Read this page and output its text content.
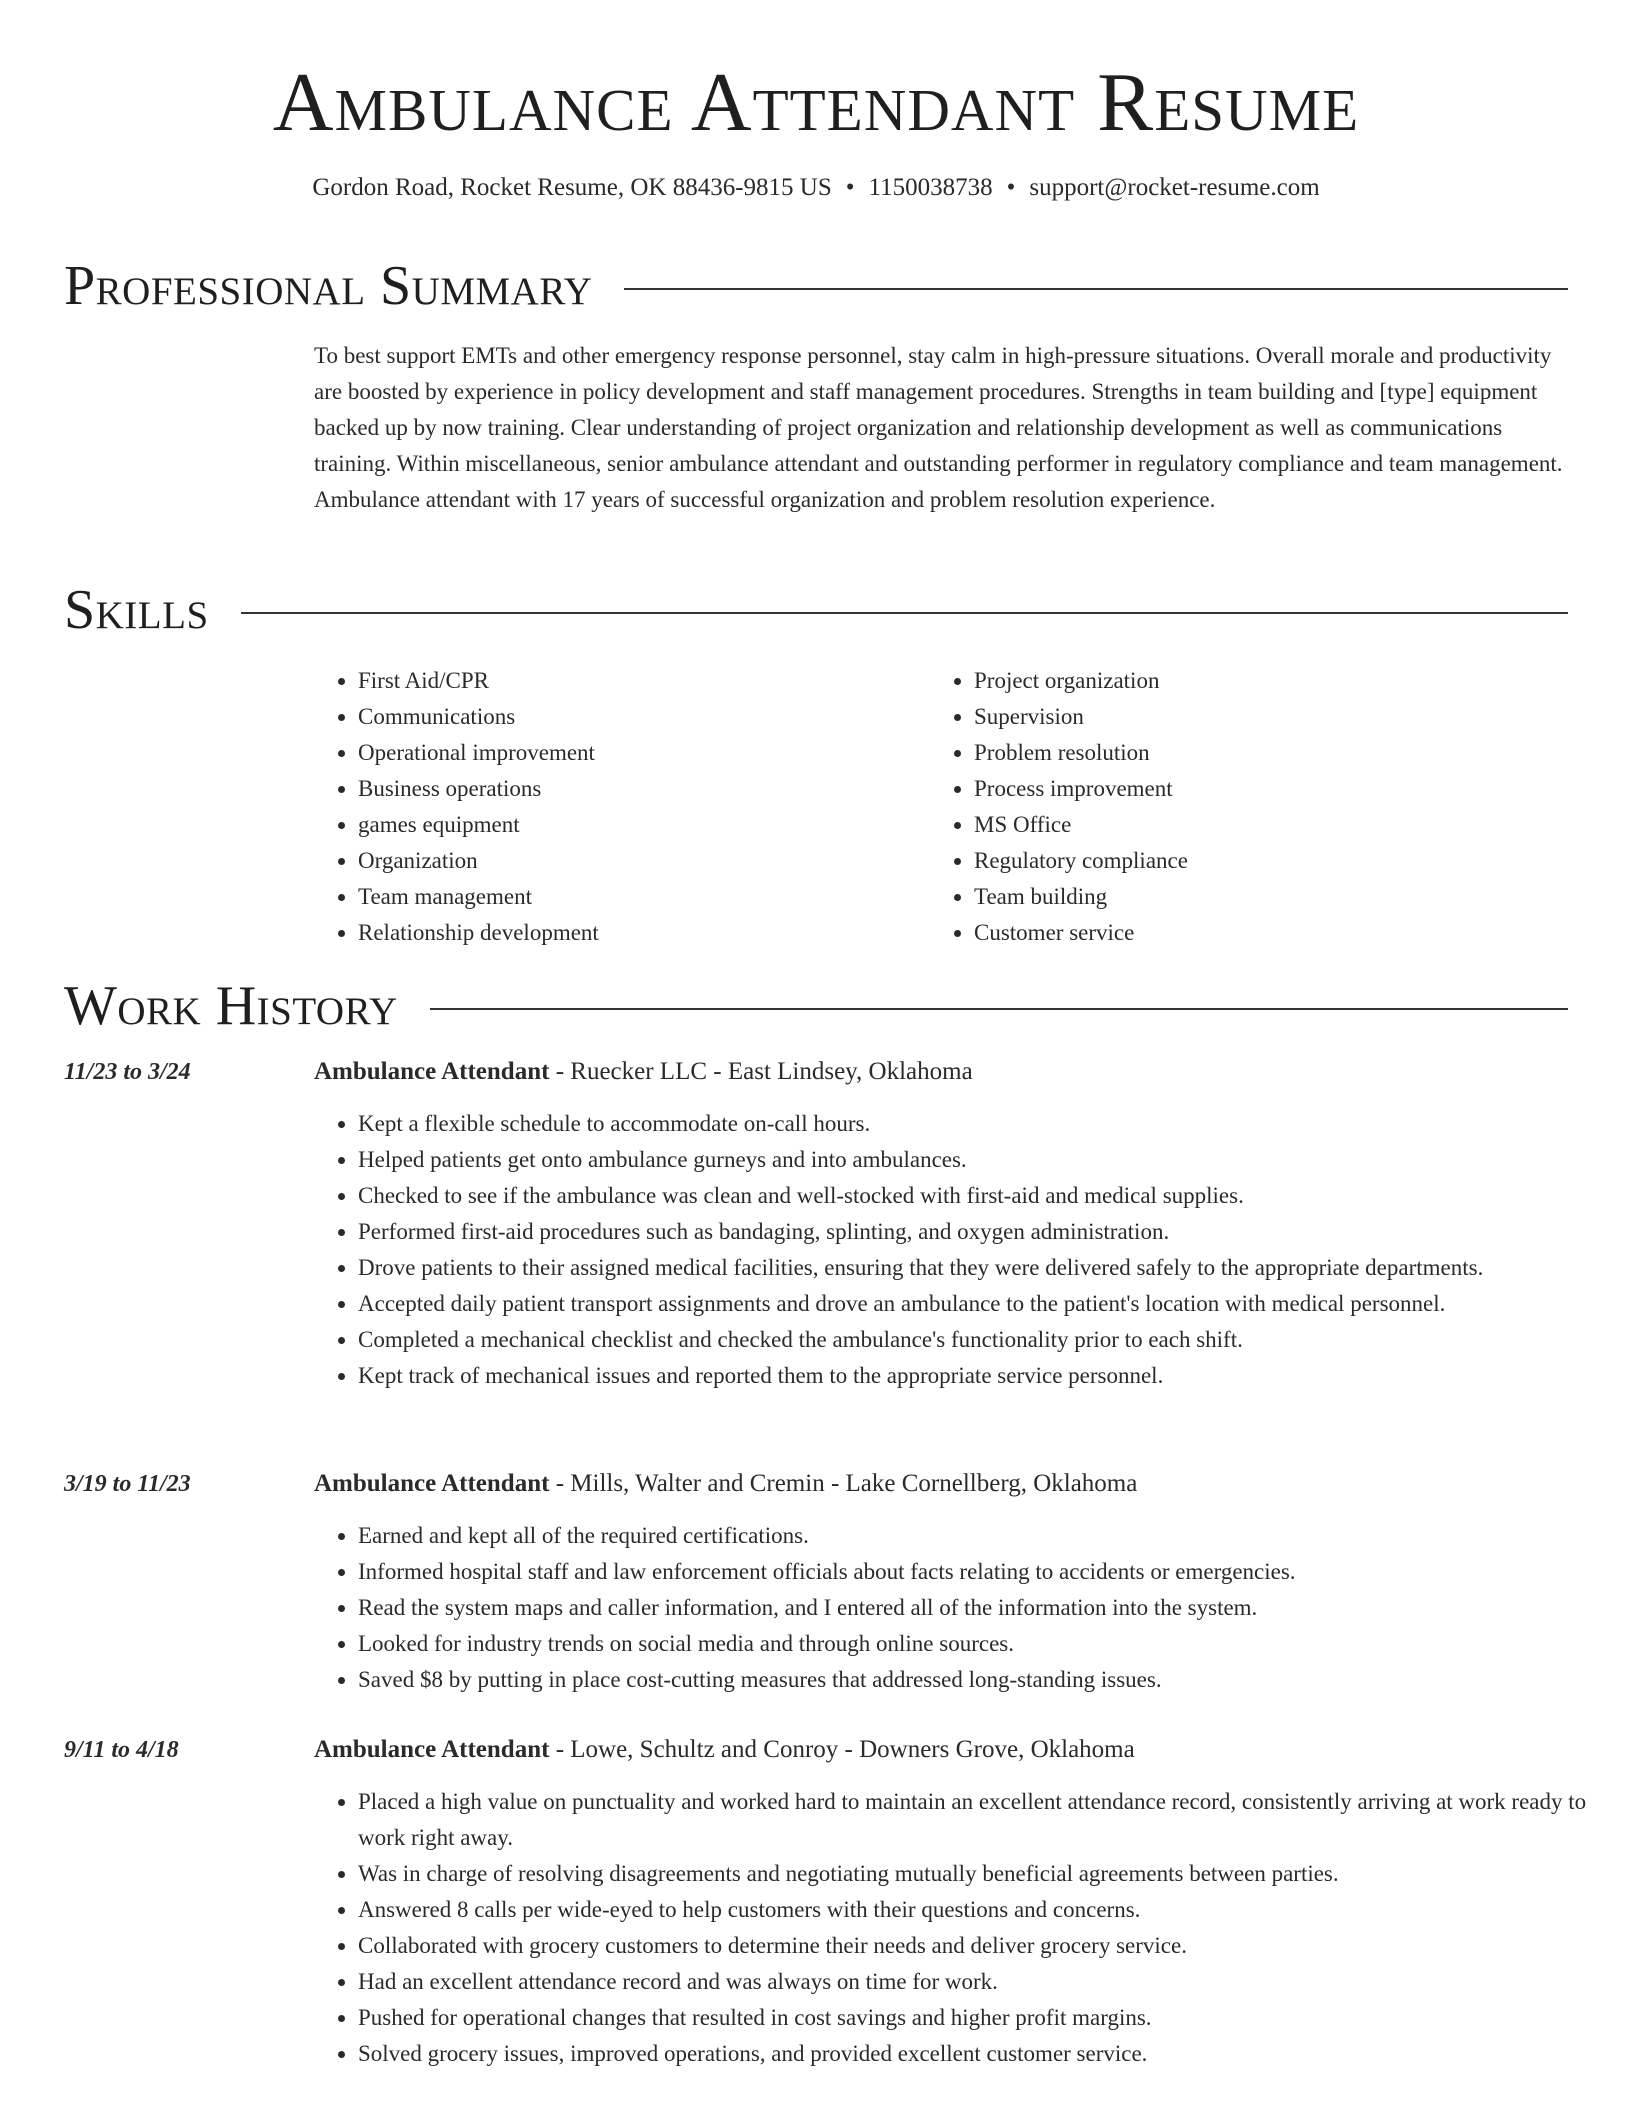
Ambulance Attendant Resume
Gordon Road, Rocket Resume, OK 88436-9815 US • 1150038738 • support@rocket-resume.com
Professional Summary

To best support EMTs and other emergency response personnel, stay calm in high-pressure situations. Overall morale and productivity are boosted by experience in policy development and staff management procedures. Strengths in team building and [type] equipment backed up by now training. Clear understanding of project organization and relationship development as well as communications training. Within miscellaneous, senior ambulance attendant and outstanding performer in regulatory compliance and team management. Ambulance attendant with 17 years of successful organization and problem resolution experience.

Skills
• First Aid/CPR
• Communications
• Operational improvement
• Business operations
• games equipment
• Organization
• Team management
• Relationship development
• Project organization
• Supervision
• Problem resolution
• Process improvement
• MS Office
• Regulatory compliance
• Team building
• Customer service
Work History
11/23 to 3/24	Ambulance Attendant - Ruecker LLC - East Lindsey, Oklahoma
• Kept a flexible schedule to accommodate on-call hours.
• Helped patients get onto ambulance gurneys and into ambulances.
• Checked to see if the ambulance was clean and well-stocked with first-aid and medical supplies.
• Performed first-aid procedures such as bandaging, splinting, and oxygen administration.
• Drove patients to their assigned medical facilities, ensuring that they were delivered safely to the appropriate departments.
• Accepted daily patient transport assignments and drove an ambulance to the patient's location with medical personnel.
• Completed a mechanical checklist and checked the ambulance's functionality prior to each shift.
• Kept track of mechanical issues and reported them to the appropriate service personnel.
3/19 to 11/23	Ambulance Attendant - Mills, Walter and Cremin - Lake Cornellberg, Oklahoma
• Earned and kept all of the required certifications.
• Informed hospital staff and law enforcement officials about facts relating to accidents or emergencies.
• Read the system maps and caller information, and I entered all of the information into the system.
• Looked for industry trends on social media and through online sources.
• Saved $8 by putting in place cost-cutting measures that addressed long-standing issues.
9/11 to 4/18	Ambulance Attendant - Lowe, Schultz and Conroy - Downers Grove, Oklahoma
• Placed a high value on punctuality and worked hard to maintain an excellent attendance record, consistently arriving at work ready to work right away.
• Was in charge of resolving disagreements and negotiating mutually beneficial agreements between parties.
• Answered 8 calls per wide-eyed to help customers with their questions and concerns.
• Collaborated with grocery customers to determine their needs and deliver grocery service.
• Had an excellent attendance record and was always on time for work.
• Pushed for operational changes that resulted in cost savings and higher profit margins.
• Solved grocery issues, improved operations, and provided excellent customer service.
